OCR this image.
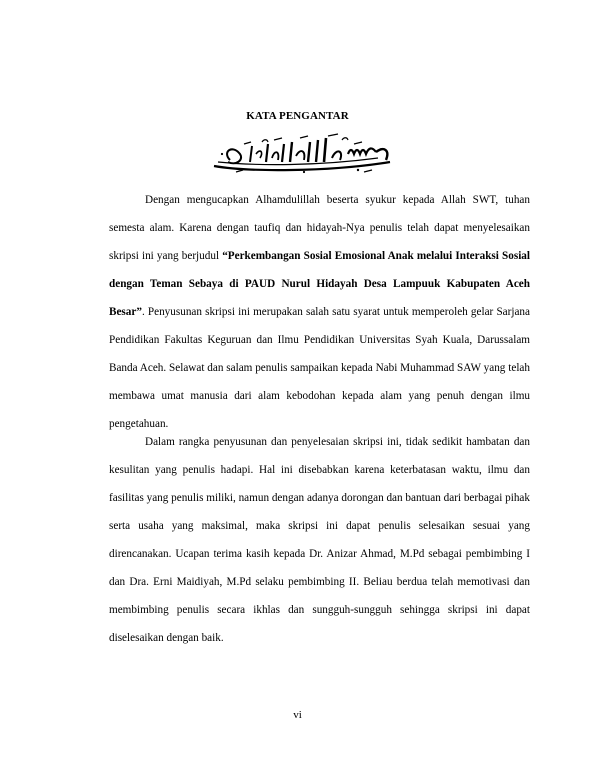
KATA PENGANTAR
Dengan mengucapkan Alhamdulillah beserta syukur kepada Allah SWT, tuhan semesta alam. Karena dengan taufiq dan hidayah-Nya penulis telah dapat menyelesaikan skripsi ini yang berjudul “Perkembangan Sosial Emosional Anak melalui Interaksi Sosial dengan Teman Sebaya di PAUD Nurul Hidayah Desa Lampuuk Kabupaten Aceh Besar”. Penyusunan skripsi ini merupakan salah satu syarat untuk memperoleh gelar Sarjana Pendidikan Fakultas Keguruan dan Ilmu Pendidikan Universitas Syah Kuala, Darussalam Banda Aceh. Selawat dan salam penulis sampaikan kepada Nabi Muhammad SAW yang telah membawa umat manusia dari alam kebodohan kepada alam yang penuh dengan ilmu pengetahuan.
Dalam rangka penyusunan dan penyelesaian skripsi ini, tidak sedikit hambatan dan kesulitan yang penulis hadapi. Hal ini disebabkan karena keterbatasan waktu, ilmu dan fasilitas yang penulis miliki, namun dengan adanya dorongan dan bantuan dari berbagai pihak serta usaha yang maksimal, maka skripsi ini dapat penulis selesaikan sesuai yang direncanakan. Ucapan terima kasih kepada Dr. Anizar Ahmad, M.Pd sebagai pembimbing I dan Dra. Erni Maidiyah, M.Pd selaku pembimbing II. Beliau berdua telah memotivasi dan membimbing penulis secara ikhlas dan sungguh-sungguh sehingga skripsi ini dapat diselesaikan dengan baik.
vi
